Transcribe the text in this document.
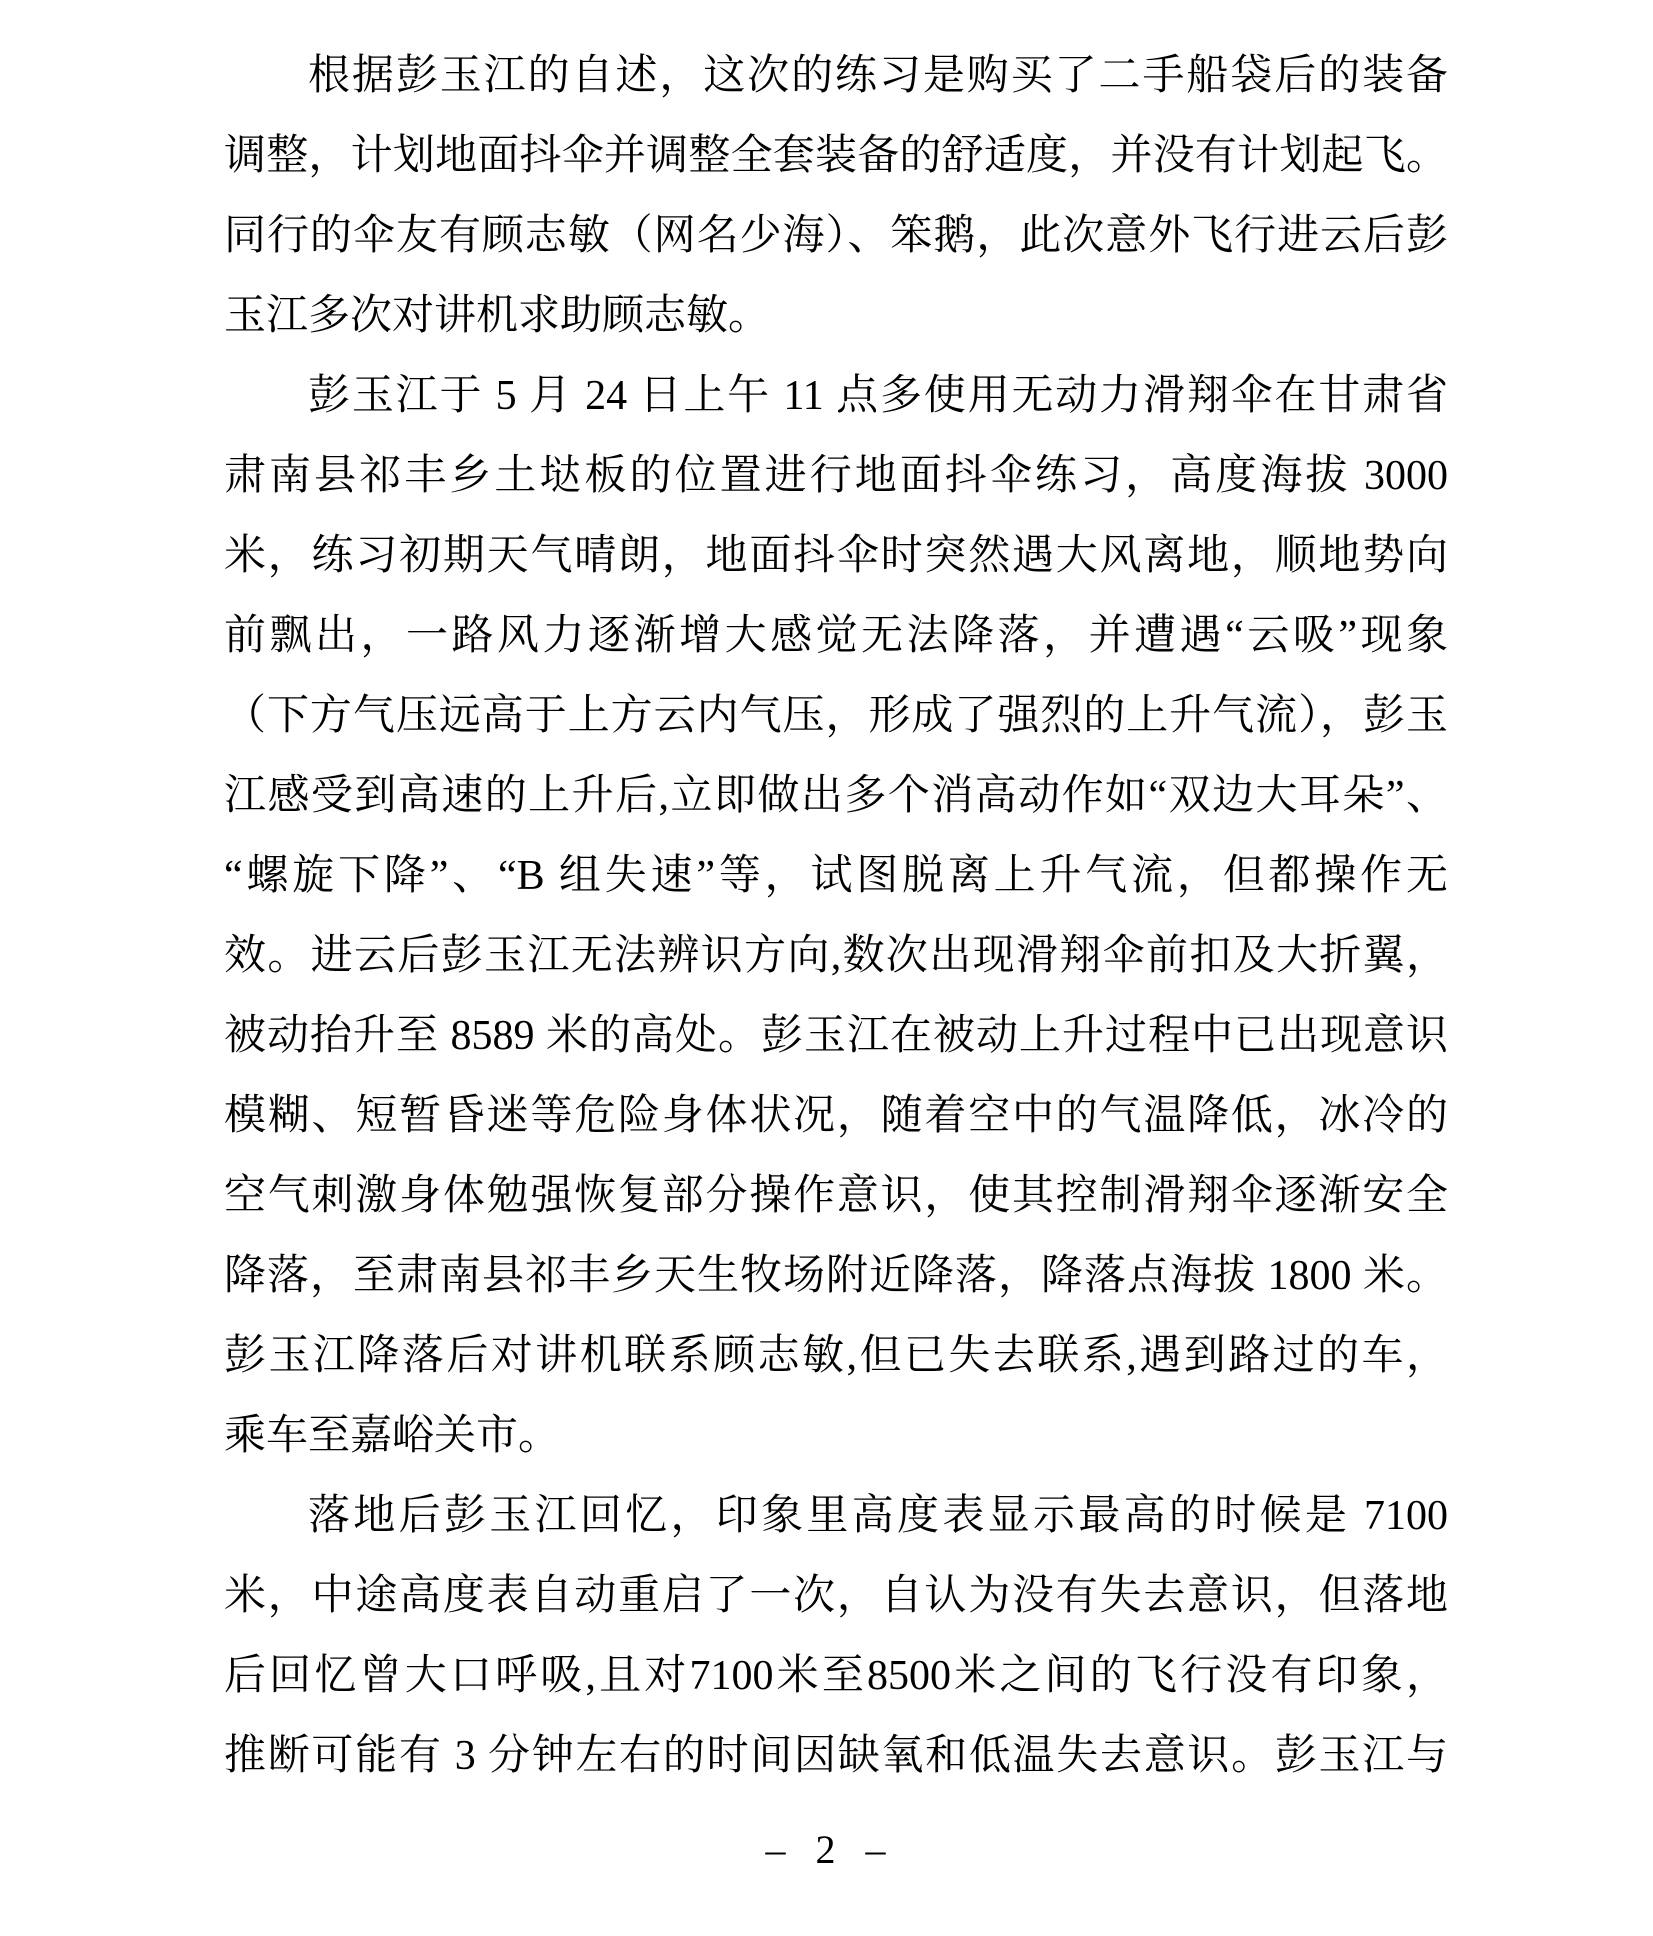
根据彭玉江的自述，这次的练习是购买了二手船袋后的装备
调整，计划地面抖伞并调整全套装备的舒适度，并没有计划起飞。
同行的伞友有顾志敏（网名少海）、笨鹅，此次意外飞行进云后彭
玉江多次对讲机求助顾志敏。
彭玉江于 5 月 24 日上午 11 点多使用无动力滑翔伞在甘肃省
肃南县祁丰乡土垯板的位置进行地面抖伞练习，高度海拔 3000
米，练习初期天气晴朗，地面抖伞时突然遇大风离地，顺地势向
前飘出，一路风力逐渐增大感觉无法降落，并遭遇“云吸”现象
（下方气压远高于上方云内气压，形成了强烈的上升气流），彭玉
江感受到高速的上升后,立即做出多个消高动作如“双边大耳朵”、
“螺旋下降”、“B 组失速”等，试图脱离上升气流，但都操作无
效。进云后彭玉江无法辨识方向,数次出现滑翔伞前扣及大折翼，
被动抬升至 8589 米的高处。彭玉江在被动上升过程中已出现意识
模糊、短暂昏迷等危险身体状况，随着空中的气温降低，冰冷的
空气刺激身体勉强恢复部分操作意识，使其控制滑翔伞逐渐安全
降落，至肃南县祁丰乡天生牧场附近降落，降落点海拔 1800 米。
彭玉江降落后对讲机联系顾志敏,但已失去联系,遇到路过的车，
乘车至嘉峪关市。
落地后彭玉江回忆，印象里高度表显示最高的时候是 7100
米，中途高度表自动重启了一次，自认为没有失去意识，但落地
后回忆曾大口呼吸,且对7100米至8500米之间的飞行没有印象，
推断可能有 3 分钟左右的时间因缺氧和低温失去意识。彭玉江与
– 2 –
